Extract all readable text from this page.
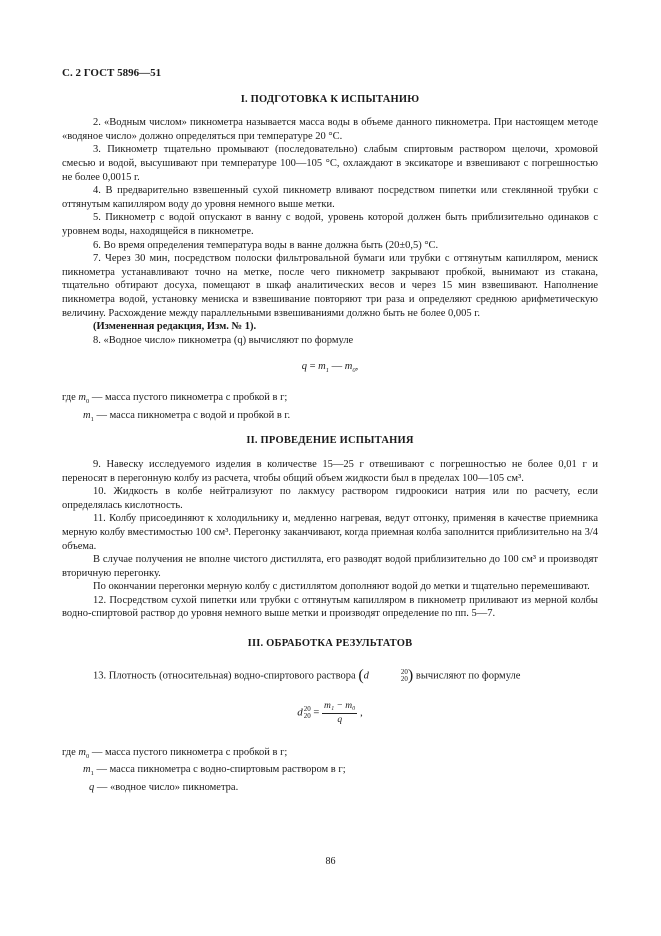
С. 2 ГОСТ 5896—51
I. ПОДГОТОВКА К ИСПЫТАНИЮ

2. «Водным числом» пикнометра называется масса воды в объеме данного пикнометра. При настоящем методе «водяное число» должно определяться при температуре 20 °С.

3. Пикнометр тщательно промывают (последовательно) слабым спиртовым раствором щелочи, хромовой смесью и водой, высушивают при температуре 100—105 °С, охлаждают в эксикаторе и взвешивают с погрешностью не более 0,0015 г.

4. В предварительно взвешенный сухой пикнометр вливают посредством пипетки или стеклянной трубки с оттянутым капилляром воду до уровня немного выше метки.

5. Пикнометр с водой опускают в ванну с водой, уровень которой должен быть приблизительно одинаков с уровнем воды, находящейся в пикнометре.

6. Во время определения температура воды в ванне должна быть (20±0,5) °С.

7. Через 30 мин, посредством полоски фильтровальной бумаги или трубки с оттянутым капилляром, мениск пикнометра устанавливают точно на метке, после чего пикнометр закрывают пробкой, вынимают из стакана, тщательно обтирают досуха, помещают в шкаф аналитических весов и через 15 мин взвешивают. Наполнение пикнометра водой, установку мениска и взвешивание повторяют три раза и определяют среднюю арифметическую величину. Расхождение между параллельными взвешиваниями должно быть не более 0,005 г.

(Измененная редакция, Изм. № 1).

8. «Водное число» пикнометра (q) вычисляют по формуле

$q = m_1$ — $m_0$,
где $m_0$ — масса пустого пикнометра с пробкой в г;
$m_1$ — масса пикнометра с водой и пробкой в г.
II. ПРОВЕДЕНИЕ ИСПЫТАНИЯ

9. Навеску исследуемого изделия в количестве 15—25 г отвешивают с погрешностью не более 0,01 г и переносят в перегонную колбу из расчета, чтобы общий объем жидкости был в пределах 100—105 см³.

10. Жидкость в колбе нейтрализуют по лакмусу раствором гидроокиси натрия или по расчету, если определялась кислотность.

11. Колбу присоединяют к холодильнику и, медленно нагревая, ведут отгонку, применяя в качестве приемника мерную колбу вместимостью 100 см³. Перегонку заканчивают, когда приемная колба заполнится приблизительно на 3/4 объема.

В случае получения не вполне чистого дистиллята, его разводят водой приблизительно до 100 см³ и производят вторичную перегонку.

По окончании перегонки мерную колбу с дистиллятом дополняют водой до метки и тщательно перемешивают.

12. Посредством сухой пипетки или трубки с оттянутым капилляром в пикнометр приливают из мерной колбы водно-спиртовой раствор до уровня немного выше метки и производят определение по пп. 5—7.

III. ОБРАБОТКА РЕЗУЛЬТАТОВ

13. Плотность (относительная) водно-спиртового раствора (d	20
20 ) вычисляют по формуле

d 20
$20 = \frac{\text{m₁ − m₀}}{q}$ ,
где $m_0$ — масса пустого пикнометра с пробкой в г;
$m_1$ — масса пикнометра с водно-спиртовым раствором в г;
q — «водное число» пикнометра.
86
